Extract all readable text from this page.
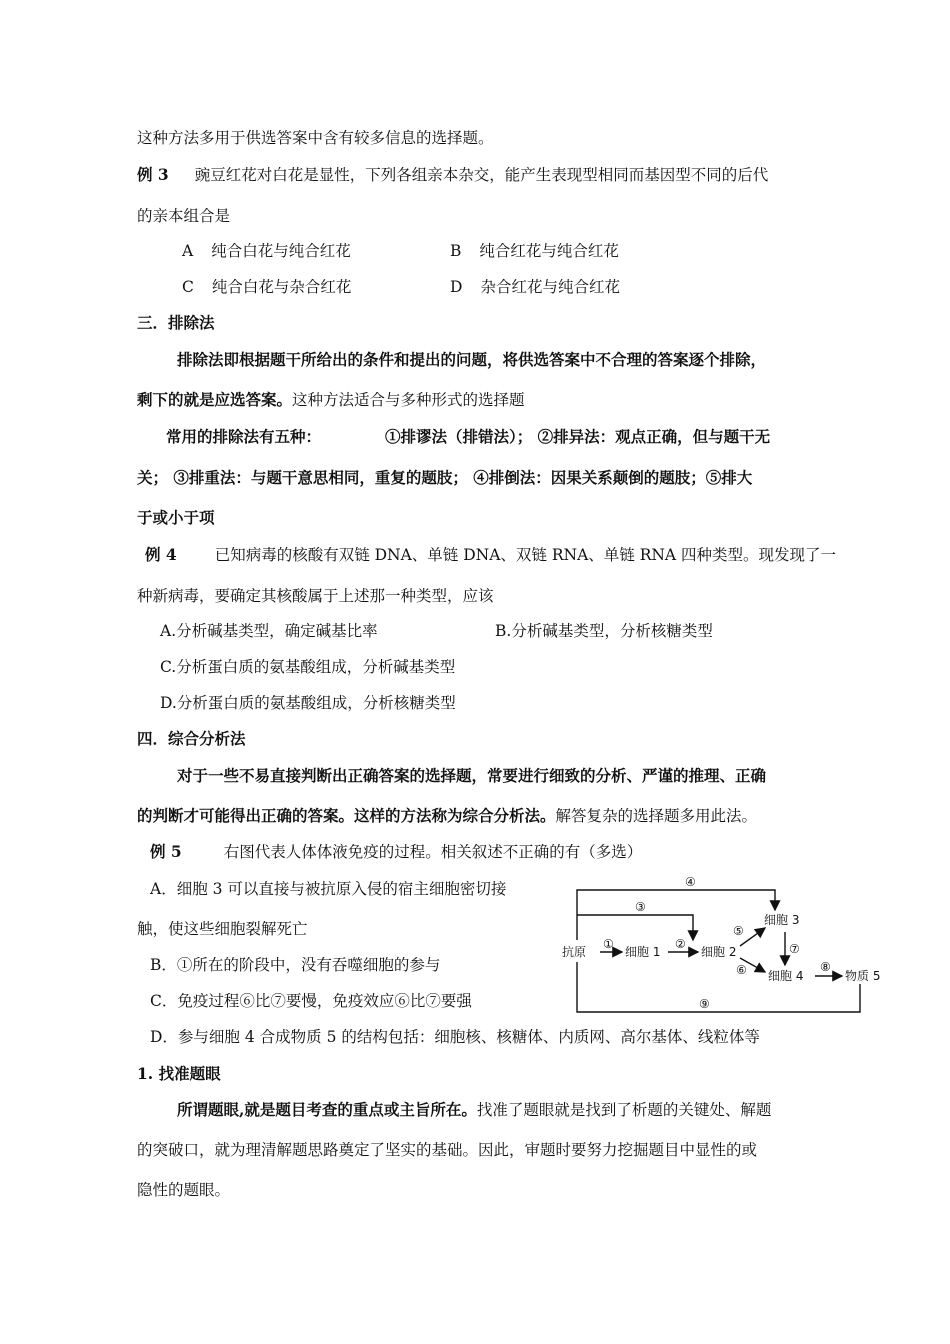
这种方法多用于供选答案中含有较多信息的选择题。
例 3 豌豆红花对白花是显性，下列各组亲本杂交，能产生表现型相同而基因型不同的后代
的亲本组合是
A 纯合白花与纯合红花	B 纯合红花与纯合红花
C 纯合白花与杂合红花	D 杂合红花与纯合红花
三．排除法
排除法即根据题干所给出的条件和提出的问题，将供选答案中不合理的答案逐个排除，
剩下的就是应选答案。这种方法适合与多种形式的选择题
常用的排除法有五种：	①排谬法（排错法）； ②排异法：观点正确，但与题干无
关； ③排重法：与题干意思相同，重复的题肢； ④排倒法：因果关系颠倒的题肢；⑤排大
于或小于项
例 4 已知病毒的核酸有双链 DNA、单链 DNA、双链 RNA、单链 RNA 四种类型。现发现了一
种新病毒，要确定其核酸属于上述那一种类型，应该
A.分析碱基类型，确定碱基比率	B.分析碱基类型，分析核糖类型
C.分析蛋白质的氨基酸组成，分析碱基类型
D.分析蛋白质的氨基酸组成，分析核糖类型
四．综合分析法
对于一些不易直接判断出正确答案的选择题，常要进行细致的分析、严谨的推理、正确
的判断才可能得出正确的答案。这样的方法称为综合分析法。解答复杂的选择题多用此法。
例 5	右图代表人体体液免疫的过程。相关叙述不正确的有（多选）
A．细胞 3 可以直接与被抗原入侵的宿主细胞密切接
触，使这些细胞裂解死亡
B．①所在的阶段中，没有吞噬细胞的参与
C．免疫过程⑥比⑦要慢，免疫效应⑥比⑦要强
D．参与细胞 4 合成物质 5 的结构包括：细胞核、核糖体、内质网、高尔基体、线粒体等
抗原	细胞 1	细胞 2
细胞 3
细胞 4	物质 5
④
③
①	②
⑤
⑥
⑦
⑧
⑨
1. 找准题眼
所谓题眼,就是题目考查的重点或主旨所在。找准了题眼就是找到了析题的关键处、解题
的突破口，就为理清解题思路奠定了坚实的基础。因此，审题时要努力挖掘题目中显性的或
隐性的题眼。
